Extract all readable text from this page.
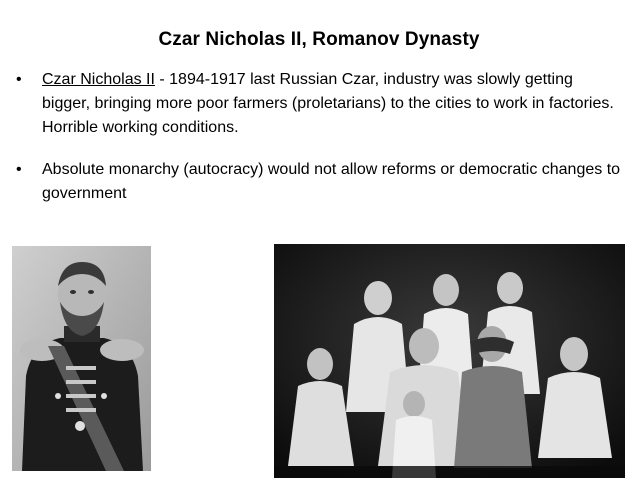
Czar Nicholas II, Romanov Dynasty

•	Czar Nicholas II - 1894-1917 last Russian Czar, industry was slowly getting bigger, bringing more poor farmers (proletarians) to the cities to work in factories. Horrible working conditions.

•	Absolute monarchy (autocracy) would not allow reforms or democratic changes to government
